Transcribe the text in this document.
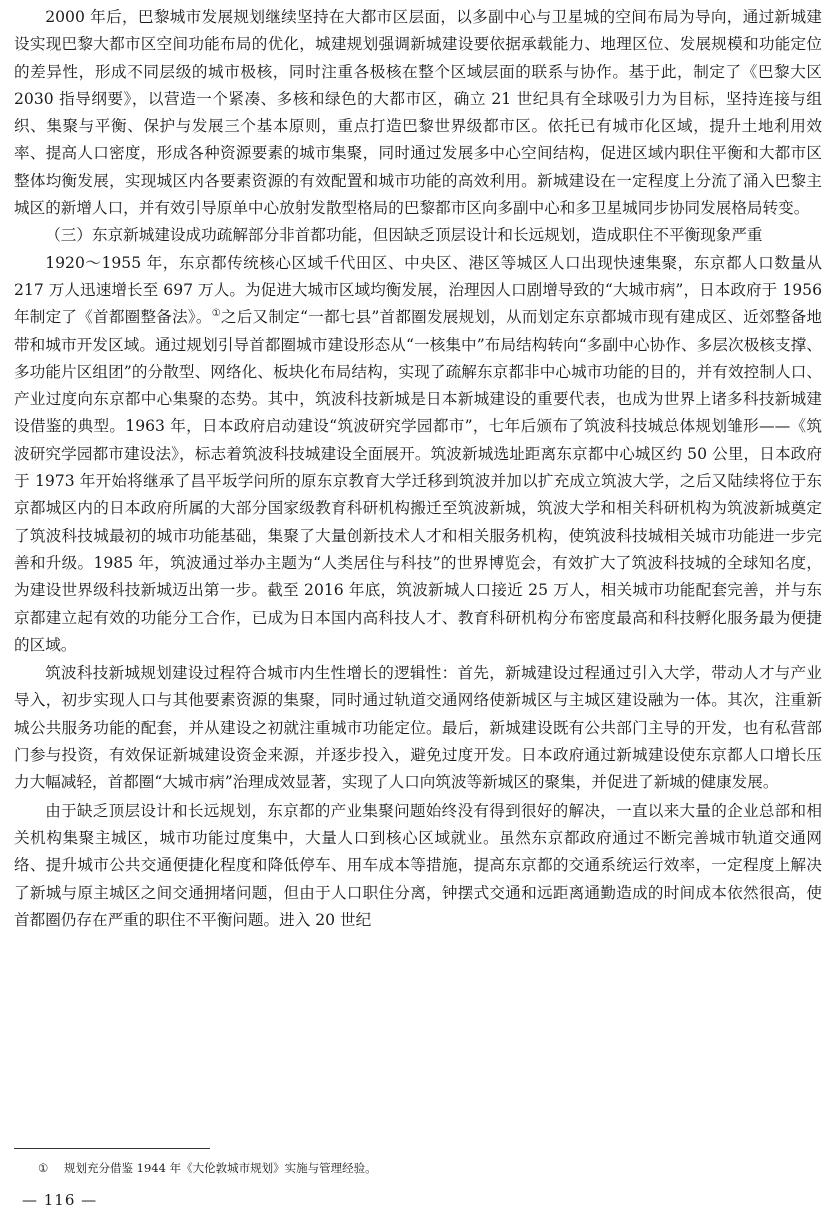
2000 年后，巴黎城市发展规划继续坚持在大都市区层面，以多副中心与卫星城的空间布局为导向，通过新城建设实现巴黎大都市区空间功能布局的优化，城建规划强调新城建设要依据承载能力、地理区位、发展规模和功能定位的差异性，形成不同层级的城市极核，同时注重各极核在整个区域层面的联系与协作。基于此，制定了《巴黎大区 2030 指导纲要》，以营造一个紧凑、多核和绿色的大都市区，确立 21 世纪具有全球吸引力为目标，坚持连接与组织、集聚与平衡、保护与发展三个基本原则，重点打造巴黎世界级都市区。依托已有城市化区域，提升土地利用效率、提高人口密度，形成各种资源要素的城市集聚，同时通过发展多中心空间结构，促进区域内职住平衡和大都市区整体均衡发展，实现城区内各要素资源的有效配置和城市功能的高效利用。新城建设在一定程度上分流了涌入巴黎主城区的新增人口，并有效引导原单中心放射发散型格局的巴黎都市区向多副中心和多卫星城同步协同发展格局转变。

（三）东京新城建设成功疏解部分非首都功能，但因缺乏顶层设计和长远规划，造成职住不平衡现象严重

1920～1955 年，东京都传统核心区域千代田区、中央区、港区等城区人口出现快速集聚，东京都人口数量从 217 万人迅速增长至 697 万人。为促进大城市区域均衡发展，治理因人口剧增导致的“大城市病”，日本政府于 1956 年制定了《首都圈整备法》。①之后又制定“一都七县”首都圈发展规划，从而划定东京都城市现有建成区、近郊整备地带和城市开发区域。通过规划引导首都圈城市建设形态从“一核集中”布局结构转向“多副中心协作、多层次极核支撑、多功能片区组团”的分散型、网络化、板块化布局结构，实现了疏解东京都非中心城市功能的目的，并有效控制人口、产业过度向东京都中心集聚的态势。其中，筑波科技新城是日本新城建设的重要代表，也成为世界上诸多科技新城建设借鉴的典型。1963 年，日本政府启动建设“筑波研究学园都市”，七年后颁布了筑波科技城总体规划雏形——《筑波研究学园都市建设法》，标志着筑波科技城建设全面展开。筑波新城选址距离东京都中心城区约 50 公里，日本政府于 1973 年开始将继承了昌平坂学问所的原东京教育大学迁移到筑波并加以扩充成立筑波大学，之后又陆续将位于东京都城区内的日本政府所属的大部分国家级教育科研机构搬迁至筑波新城，筑波大学和相关科研机构为筑波新城奠定了筑波科技城最初的城市功能基础，集聚了大量创新技术人才和相关服务机构，使筑波科技城相关城市功能进一步完善和升级。1985 年，筑波通过举办主题为“人类居住与科技”的世界博览会，有效扩大了筑波科技城的全球知名度，为建设世界级科技新城迈出第一步。截至 2016 年底，筑波新城人口接近 25 万人，相关城市功能配套完善，并与东京都建立起有效的功能分工合作，已成为日本国内高科技人才、教育科研机构分布密度最高和科技孵化服务最为便捷的区域。

筑波科技新城规划建设过程符合城市内生性增长的逻辑性：首先，新城建设过程通过引入大学，带动人才与产业导入，初步实现人口与其他要素资源的集聚，同时通过轨道交通网络使新城区与主城区建设融为一体。其次，注重新城公共服务功能的配套，并从建设之初就注重城市功能定位。最后，新城建设既有公共部门主导的开发，也有私营部门参与投资，有效保证新城建设资金来源，并逐步投入，避免过度开发。日本政府通过新城建设使东京都人口增长压力大幅减轻，首都圈“大城市病”治理成效显著，实现了人口向筑波等新城区的聚集，并促进了新城的健康发展。

由于缺乏顶层设计和长远规划，东京都的产业集聚问题始终没有得到很好的解决，一直以来大量的企业总部和相关机构集聚主城区，城市功能过度集中，大量人口到核心区域就业。虽然东京都政府通过不断完善城市轨道交通网络、提升城市公共交通便捷化程度和降低停车、用车成本等措施，提高东京都的交通系统运行效率，一定程度上解决了新城与原主城区之间交通拥堵问题，但由于人口职住分离，钟摆式交通和远距离通勤造成的时间成本依然很高，使首都圈仍存在严重的职住不平衡问题。进入 20 世纪

① 规划充分借鉴 1944 年《大伦敦城市规划》实施与管理经验。
— 116 —
